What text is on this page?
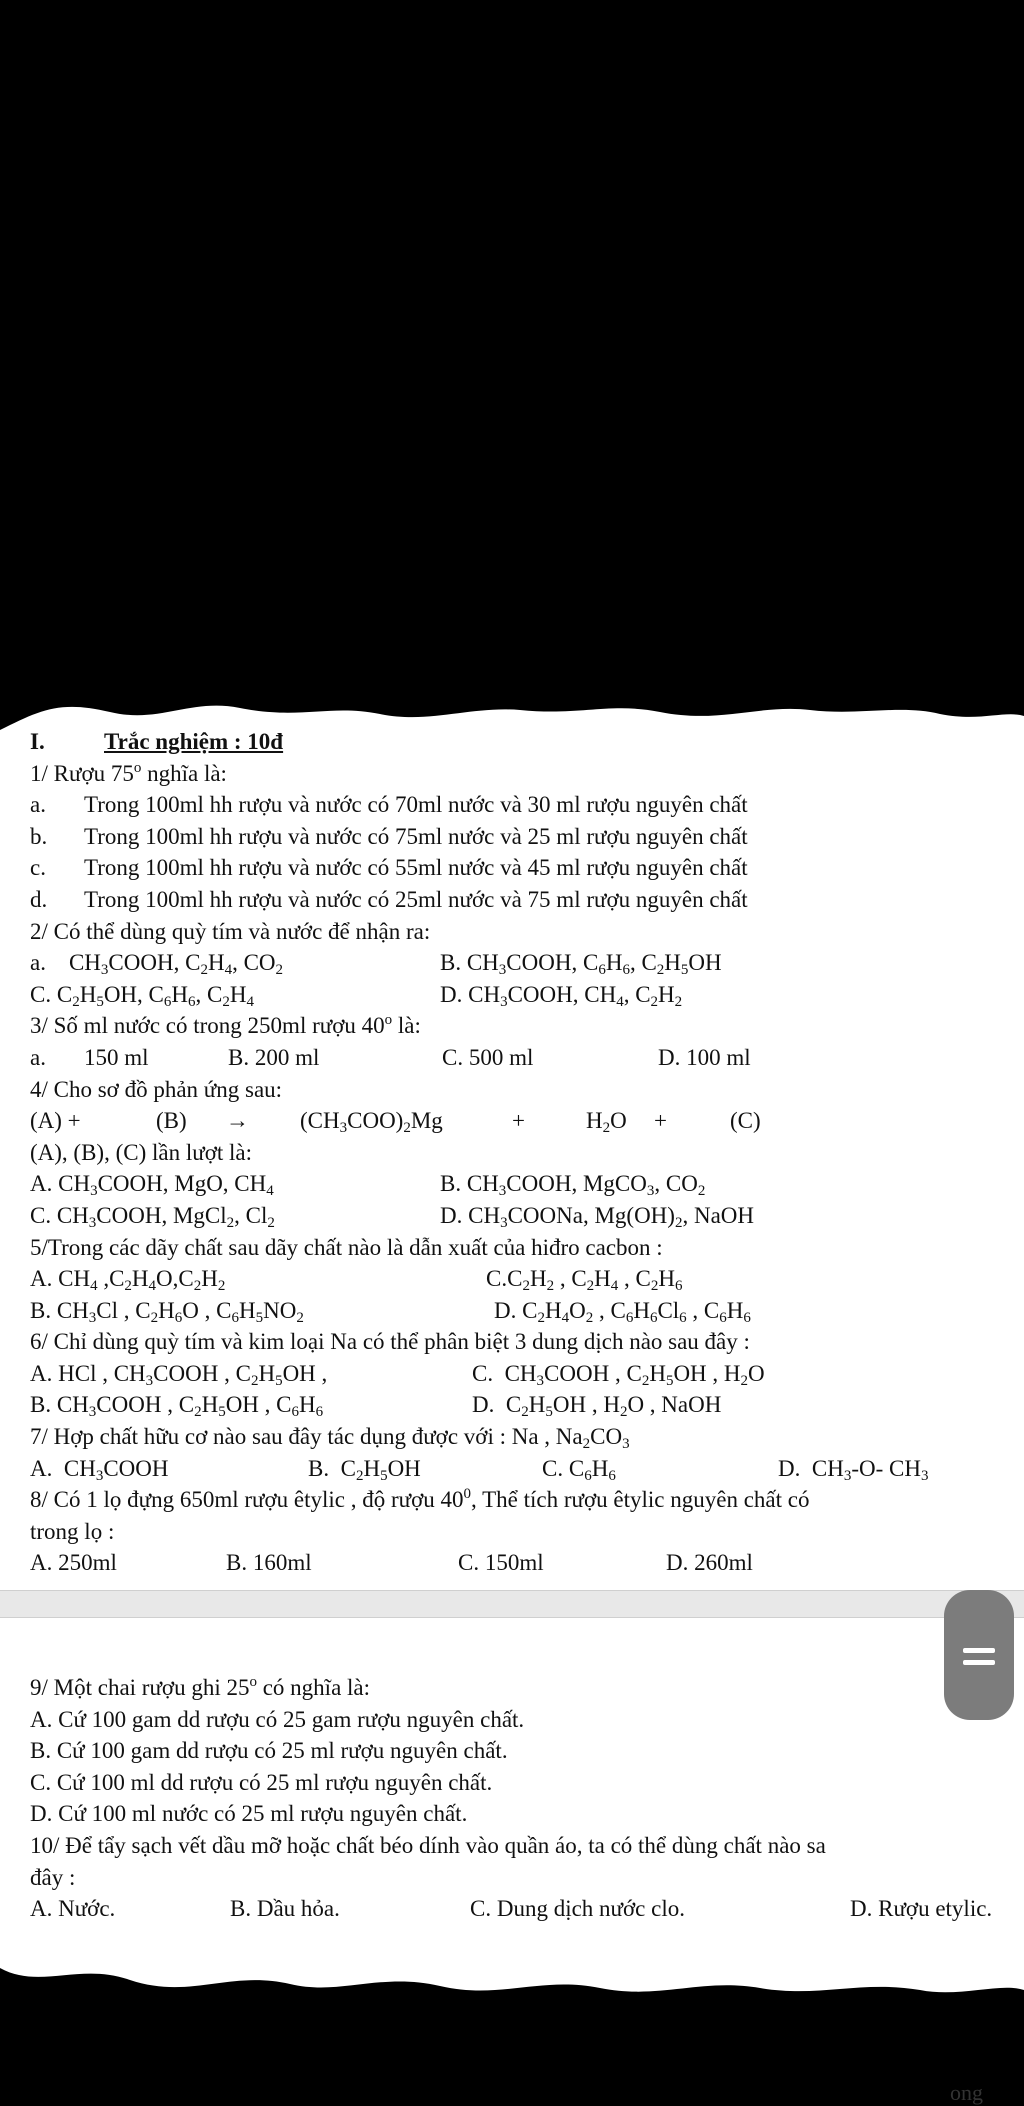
I.	Trắc nghiệm : 10đ
1/ Rượu 75$^o$ nghĩa là:
a. Trong 100ml hh rượu và nước có 70ml nước và 30 ml rượu nguyên chất
b. Trong 100ml hh rượu và nước có 75ml nước và 25 ml rượu nguyên chất
c. Trong 100ml hh rượu và nước có 55ml nước và 45 ml rượu nguyên chất
d. Trong 100ml hh rượu và nước có 25ml nước và 75 ml rượu nguyên chất
2/ Có thể dùng quỳ tím và nước để nhận ra:
a.    $CH_3COOH$, $C_2H_4$, $CO_2$	B. $CH_3COOH$, $C_6H_6$, $C_2H_5OH$
C. $C_2H_5OH$, $C_6H_6$, $C_2H_4$	D. $CH_3COOH$, $CH_4$, $C_2H_2$
3/ Số ml nước có trong 250ml rượu 40$^o$ là:
a. 150 ml	B. 200 ml	C. 500 ml	D. 100 ml
4/ Cho sơ đồ phản ứng sau:
(A) +	$(B) \to (CH_3COO)_2Mg$	+	$H_2O$ +	(C)
(A), (B), (C) lần lượt là:
A. $CH_3COOH$, MgO, $CH_4$	B. $CH_3COOH$, MgCO$_3$, $CO_2$
C. $CH_3COOH$, MgCl$_2$, $Cl_2$	D. $CH_3COONa$, $Mg(OH)_2$, NaOH
5/Trong các dãy chất sau dãy chất nào là dẫn xuất của hiđro cacbon :
A. $CH_4$ $,C_2H_4O,C_2H_2$	$C.C_2H_2$ , $C_2H_4$ , $C_2H_6$
B. $CH_3Cl$ , $C_2H_6O$ , $C_6H_5NO_2$	D. $C_2H_4O_2$ , $C_6H_6Cl_6$ , $C_6H_6$
6/ Chỉ dùng quỳ tím và kim loại Na có thể phân biệt 3 dung dịch nào sau đây :
A. HCl , $CH_3COOH$ , $C_2H_5OH$ ,	C.  $CH_3COOH$ , $C_2H_5OH$ , $H_2O$
B. $CH_3COOH$ , $C_2H_5OH$ , $C_6H_6$	D.  $C_2H_5OH$ , $H_2O$ , NaOH
7/ Hợp chất hữu cơ nào sau đây tác dụng được với : Na , $Na_2CO_3$
A.  $CH_3COOH$	B.  $C_2H_5OH$	C. $C_6H_6$	D.  $CH_3-O-$ $CH_3$
8/ Có 1 lọ đựng 650ml rượu êtylic , độ rượu $40^0$, Thể tích rượu êtylic nguyên chất có
trong lọ :
A. 250ml	B. 160ml	C. 150ml	D. 260ml
9/ Một chai rượu ghi 25$^o$ có nghĩa là:
A. Cứ 100 gam dd rượu có 25 gam rượu nguyên chất.
B. Cứ 100 gam dd rượu có 25 ml rượu nguyên chất.
C. Cứ 100 ml dd rượu có 25 ml rượu nguyên chất.
D. Cứ 100 ml nước có 25 ml rượu nguyên chất.
10/ Để tẩy sạch vết dầu mỡ hoặc chất béo dính vào quần áo, ta có thể dùng chất nào sa
đây :
A. Nước.	B. Dầu hỏa.	C. Dung dịch nước clo.	D. Rượu etylic.
ong
